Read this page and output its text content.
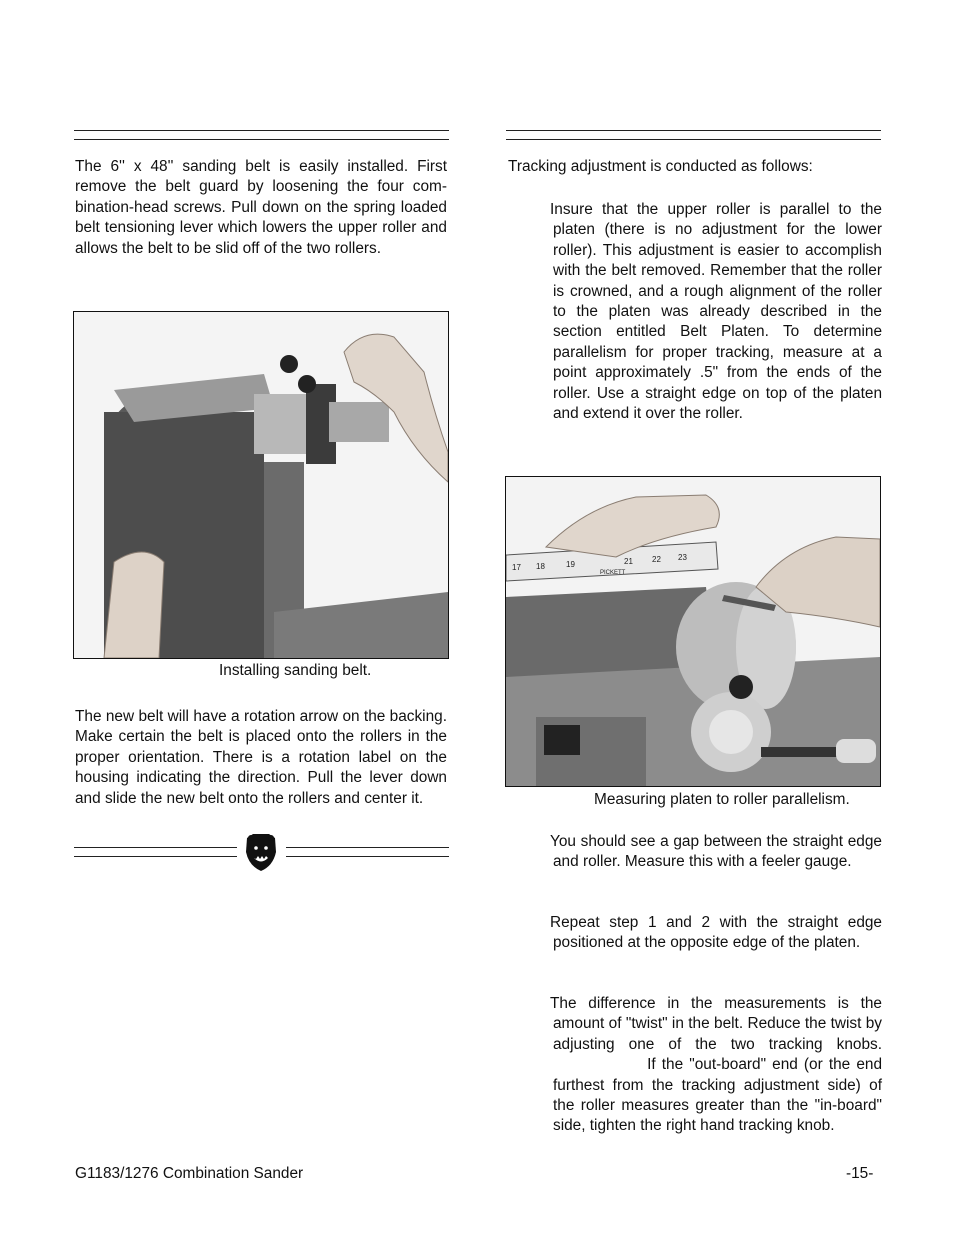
The 6'' x 48'' sanding belt is easily installed. First remove the belt guard by loosening the four combination-head screws. Pull down on the spring loaded belt tensioning lever which lowers the upper roller and allows the belt to be slid off of the two rollers.

Installing sanding belt.

The new belt will have a rotation arrow on the backing. Make certain the belt is placed onto the rollers in the proper orientation. There is a rotation label on the housing indicating the direction. Pull the lever down and slide the new belt onto the rollers and center it.

Tracking adjustment is conducted as follows:

Insure that the upper roller is parallel to the platen (there is no adjustment for the lower roller). This adjustment is easier to accomplish with the belt removed. Remember that the roller is crowned, and a rough alignment of the roller to the platen was already described in the section entitled Belt Platen. To determine parallelism for proper tracking, measure at a point approximately .5" from the ends of the roller. Use a straight edge on top of the platen and extend it over the roller.

17 18	19	21 22 23
PICKETT

Measuring platen to roller parallelism.

You should see a gap between the straight edge and roller. Measure this with a feeler gauge.

Repeat step 1 and 2 with the straight edge positioned at the opposite edge of the platen.

The difference in the measurements is the amount of "twist" in the belt. Reduce the twist by adjusting one of the two tracking knobs.  If the "out-board" end (or the end furthest from the tracking adjustment side) of the roller measures greater than the "in-board" side, tighten the right hand tracking knob.

G1183/1276 Combination Sander	-15-
